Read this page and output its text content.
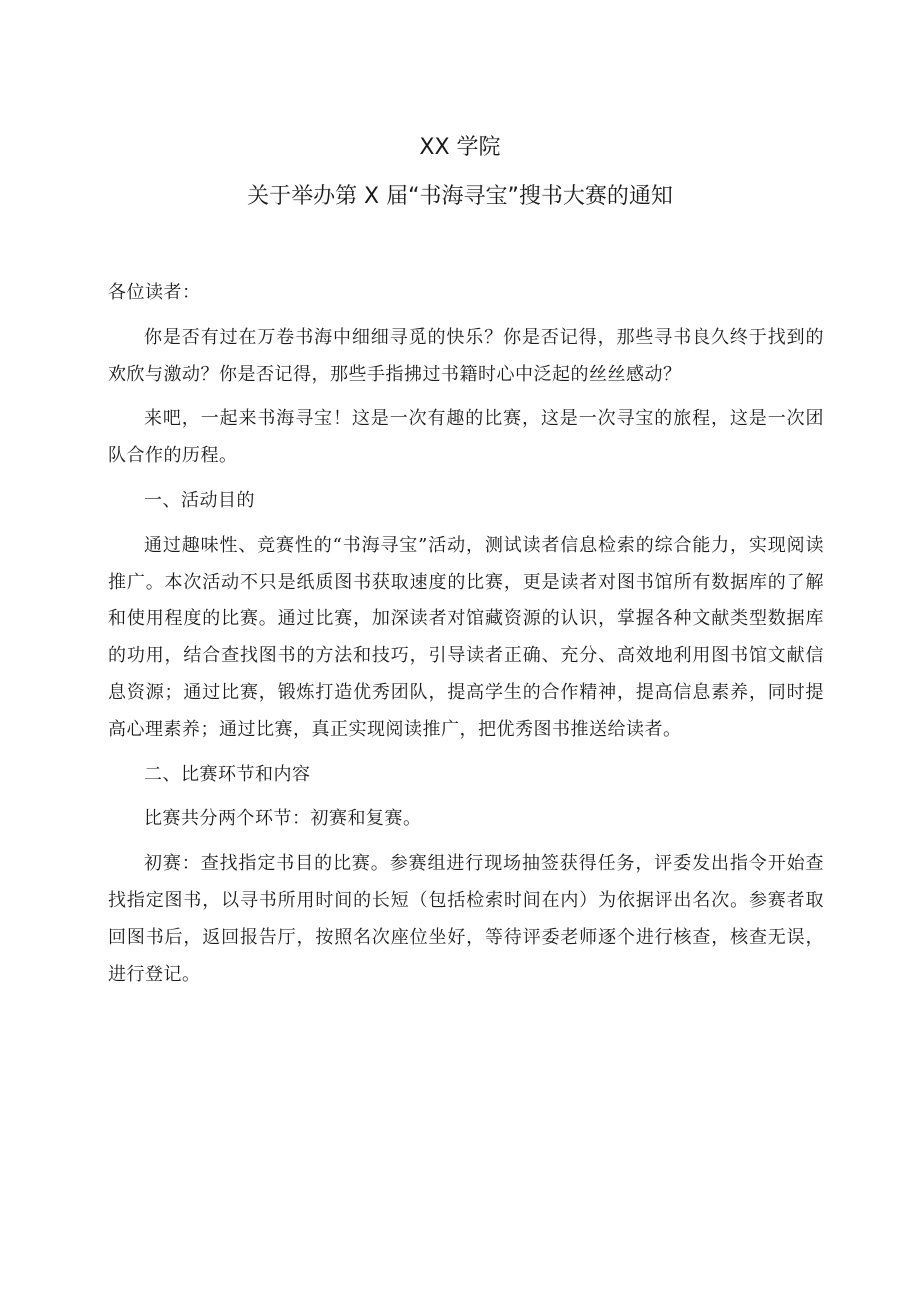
XX 学院
关于举办第 X 届“书海寻宝”搜书大赛的通知

各位读者：

你是否有过在万卷书海中细细寻觅的快乐？你是否记得，那些寻书良久终于找到的欢欣与激动？你是否记得，那些手指拂过书籍时心中泛起的丝丝感动？

来吧，一起来书海寻宝！这是一次有趣的比赛，这是一次寻宝的旅程，这是一次团队合作的历程。

一、活动目的

通过趣味性、竞赛性的“书海寻宝”活动，测试读者信息检索的综合能力，实现阅读推广。本次活动不只是纸质图书获取速度的比赛，更是读者对图书馆所有数据库的了解和使用程度的比赛。通过比赛，加深读者对馆藏资源的认识，掌握各种文献类型数据库的功用，结合查找图书的方法和技巧，引导读者正确、充分、高效地利用图书馆文献信息资源；通过比赛，锻炼打造优秀团队，提高学生的合作精神，提高信息素养，同时提高心理素养；通过比赛，真正实现阅读推广，把优秀图书推送给读者。

二、比赛环节和内容

比赛共分两个环节：初赛和复赛。

初赛：查找指定书目的比赛。参赛组进行现场抽签获得任务，评委发出指令开始查找指定图书，以寻书所用时间的长短（包括检索时间在内）为依据评出名次。参赛者取回图书后，返回报告厅，按照名次座位坐好，等待评委老师逐个进行核查，核查无误，进行登记。
